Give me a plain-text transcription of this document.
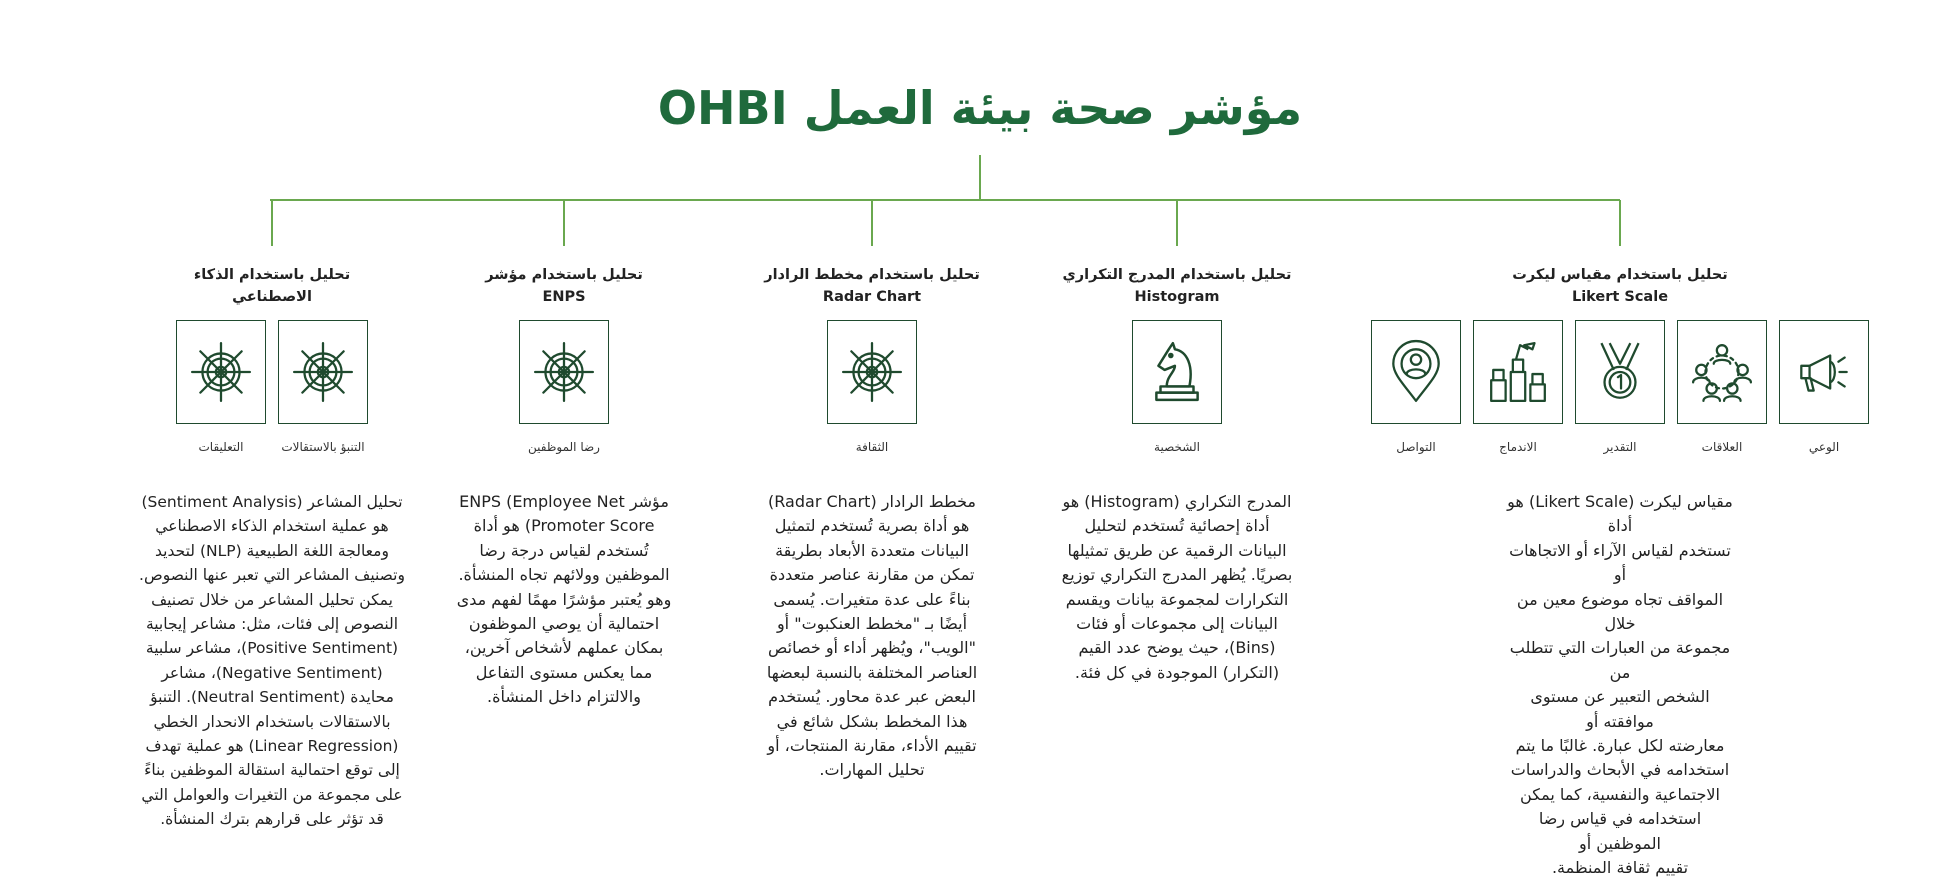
مؤشر صحة بيئة العمل OHBI
تحليل باستخدام مقياس ليكرت
Likert Scale
الوعي
العلاقات
التقدير
الاندماج
التواصل
مقياس ليكرت (Likert Scale) هو أداة
تستخدم لقياس الآراء أو الاتجاهات أو
المواقف تجاه موضوع معين من خلال
مجموعة من العبارات التي تتطلب من
الشخص التعبير عن مستوى موافقته أو
معارضته لكل عبارة. غالبًا ما يتم
استخدامه في الأبحاث والدراسات
الاجتماعية والنفسية، كما يمكن
استخدامه في قياس رضا الموظفين أو
تقييم ثقافة المنظمة.
تحليل باستخدام المدرج التكراري
Histogram
الشخصية
المدرج التكراري (Histogram) هو
أداة إحصائية تُستخدم لتحليل
البيانات الرقمية عن طريق تمثيلها
بصريًا. يُظهر المدرج التكراري توزيع
التكرارات لمجموعة بيانات ويقسم
البيانات إلى مجموعات أو فئات
(Bins)، حيث يوضح عدد القيم
(التكرار) الموجودة في كل فئة.
تحليل باستخدام مخطط الرادار
Radar Chart
الثقافة
مخطط الرادار (Radar Chart)
هو أداة بصرية تُستخدم لتمثيل
البيانات متعددة الأبعاد بطريقة
تمكن من مقارنة عناصر متعددة
بناءً على عدة متغيرات. يُسمى
أيضًا بـ "مخطط العنكبوت" أو
"الويب"، ويُظهر أداء أو خصائص
العناصر المختلفة بالنسبة لبعضها
البعض عبر عدة محاور. يُستخدم
هذا المخطط بشكل شائع في
تقييم الأداء، مقارنة المنتجات، أو
تحليل المهارات.
تحليل باستخدام مؤشر
ENPS
رضا الموظفين
مؤشر ENPS (Employee Net
Promoter Score) هو أداة
تُستخدم لقياس درجة رضا
الموظفين وولائهم تجاه المنشأة.
وهو يُعتبر مؤشرًا مهمًا لفهم مدى
احتمالية أن يوصي الموظفون
بمكان عملهم لأشخاص آخرين،
مما يعكس مستوى التفاعل
والالتزام داخل المنشأة.
تحليل باستخدام الذكاء
الاصطناعي
التنبؤ بالاستقالات
التعليقات
تحليل المشاعر (Sentiment Analysis)
هو عملية استخدام الذكاء الاصطناعي
ومعالجة اللغة الطبيعية (NLP) لتحديد
وتصنيف المشاعر التي تعبر عنها النصوص.
يمكن تحليل المشاعر من خلال تصنيف
النصوص إلى فئات، مثل: مشاعر إيجابية
(Positive Sentiment)، مشاعر سلبية
(Negative Sentiment)، مشاعر
محايدة (Neutral Sentiment). التنبؤ
بالاستقالات باستخدام الانحدار الخطي
(Linear Regression) هو عملية تهدف
إلى توقع احتمالية استقالة الموظفين بناءً
على مجموعة من التغيرات والعوامل التي
قد تؤثر على قرارهم بترك المنشأة.
